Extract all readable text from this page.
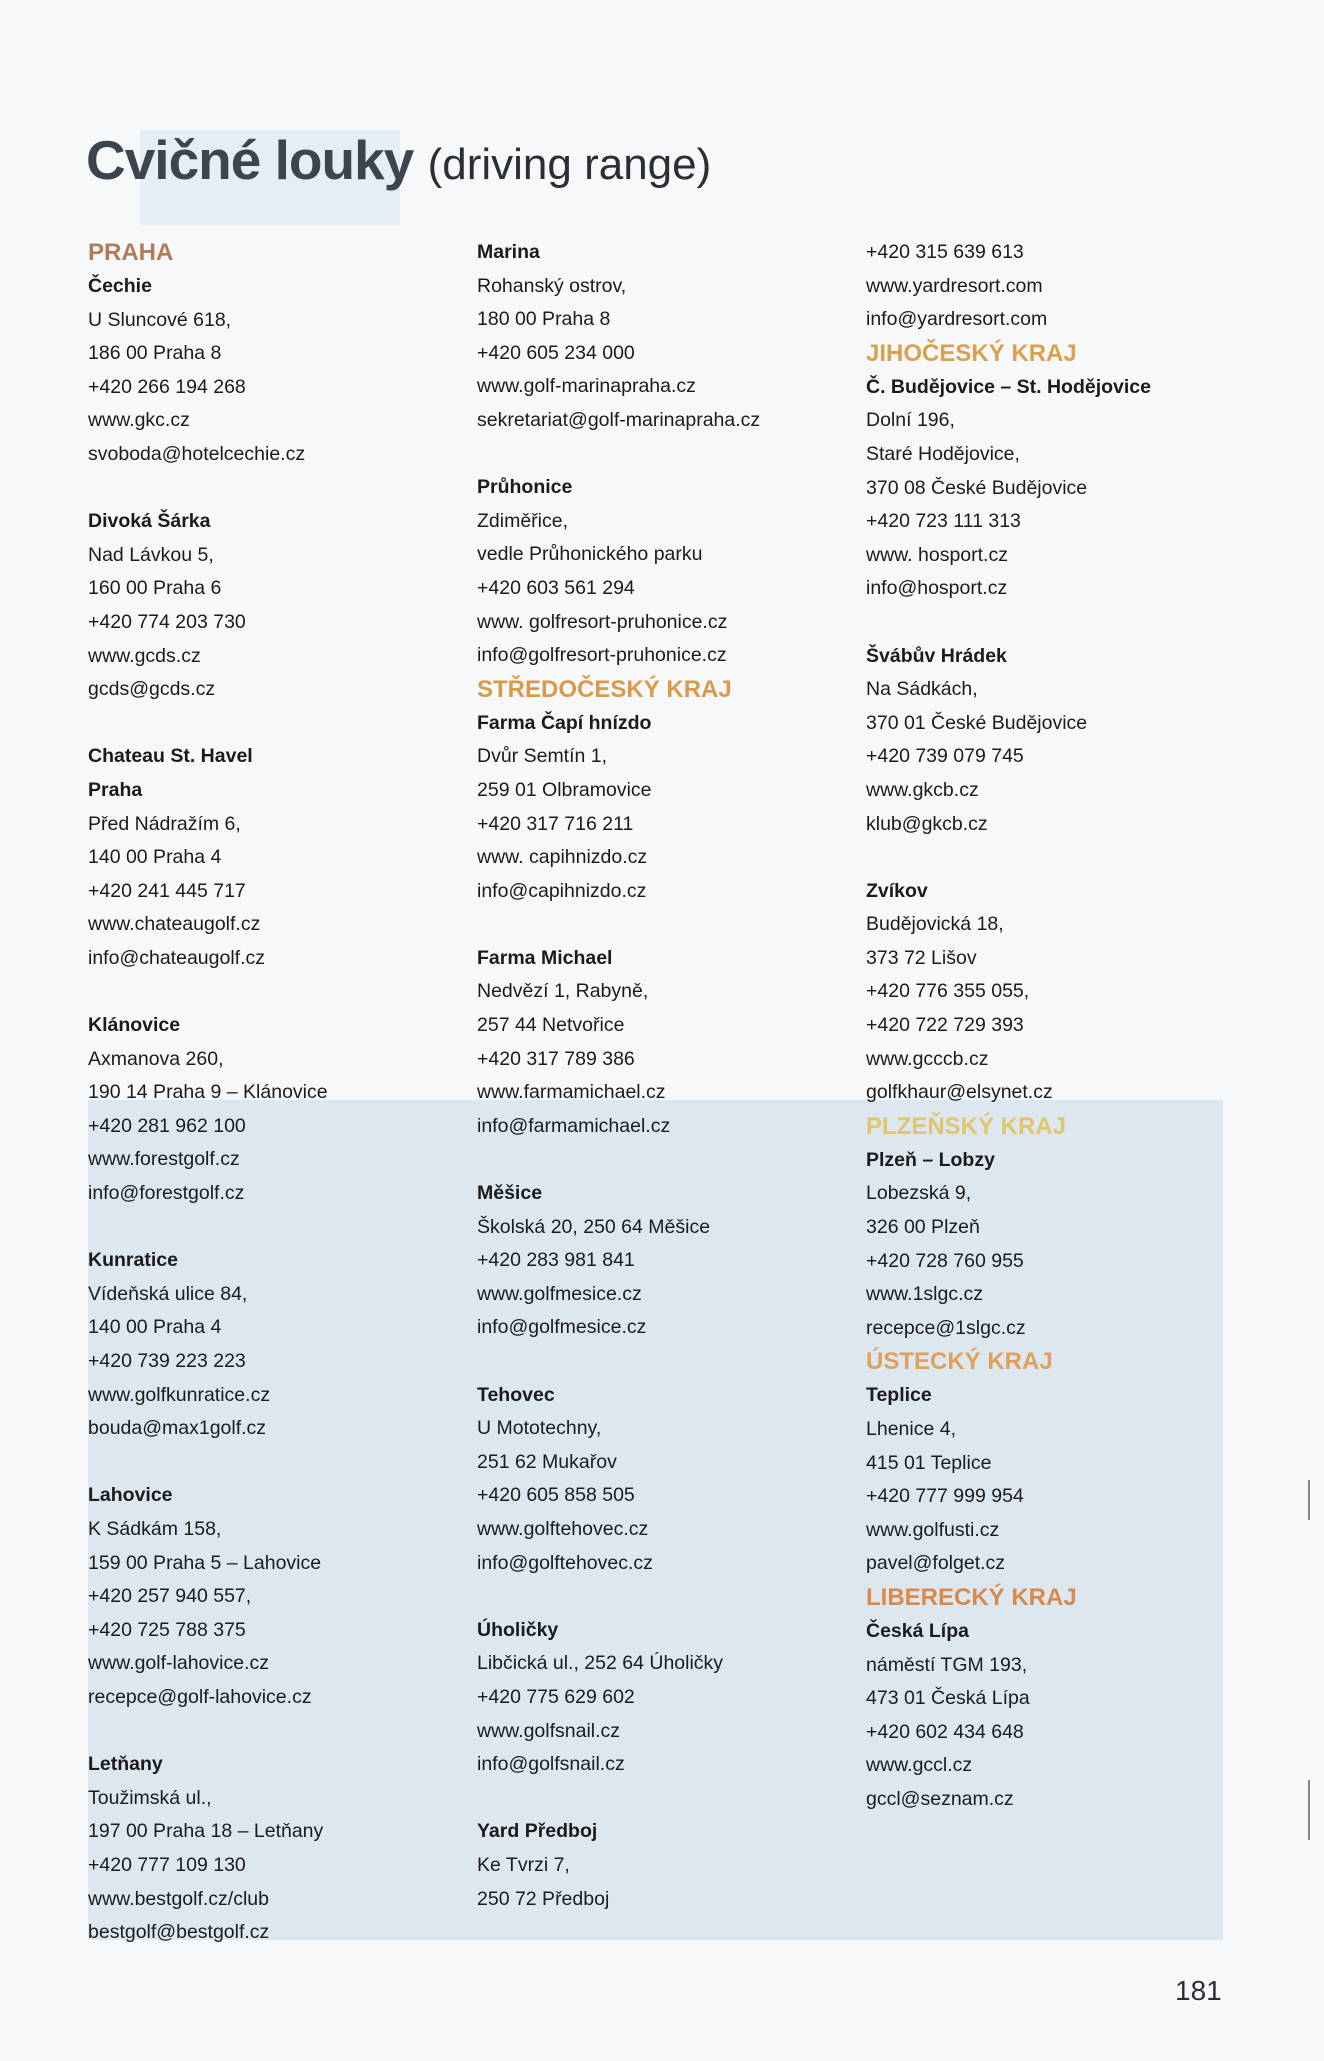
Cvičné louky (driving range)
PRAHA
Čechie
U Sluncové 618,
186 00 Praha 8
+420 266 194 268
www.gkc.cz
svoboda@hotelcechie.cz
Divoká Šárka
Nad Lávkou 5,
160 00 Praha 6
+420 774 203 730
www.gcds.cz
gcds@gcds.cz
Chateau St. Havel
Praha
Před Nádražím 6,
140 00 Praha 4
+420 241 445 717
www.chateaugolf.cz
info@chateaugolf.cz
Klánovice
Axmanova 260,
190 14 Praha 9 – Klánovice
+420 281 962 100
www.forestgolf.cz
info@forestgolf.cz
Kunratice
Vídeňská ulice 84,
140 00 Praha 4
+420 739 223 223
www.golfkunratice.cz
bouda@max1golf.cz
Lahovice
K Sádkám 158,
159 00 Praha 5 – Lahovice
+420 257 940 557,
+420 725 788 375
www.golf-lahovice.cz
recepce@golf-lahovice.cz
Letňany
Toužimská ul.,
197 00 Praha 18 – Letňany
+420 777 109 130
www.bestgolf.cz/club
bestgolf@bestgolf.cz
Marina
Rohanský ostrov,
180 00 Praha 8
+420 605 234 000
www.golf-marinapraha.cz
sekretariat@golf-marinapraha.cz
Průhonice
Zdiměřice,
vedle Průhonického parku
+420 603 561 294
www. golfresort-pruhonice.cz
info@golfresort-pruhonice.cz
STŘEDOČESKÝ KRAJ
Farma Čapí hnízdo
Dvůr Semtín 1,
259 01 Olbramovice
+420 317 716 211
www. capihnizdo.cz
info@capihnizdo.cz
Farma Michael
Nedvězí 1, Rabyně,
257 44 Netvořice
+420 317 789 386
www.farmamichael.cz
info@farmamichael.cz
Měšice
Školská 20, 250 64 Měšice
+420 283 981 841
www.golfmesice.cz
info@golfmesice.cz
Tehovec
U Mototechny,
251 62 Mukařov
+420 605 858 505
www.golftehovec.cz
info@golftehovec.cz
Úholičky
Libčická ul., 252 64 Úholičky
+420 775 629 602
www.golfsnail.cz
info@golfsnail.cz
Yard Předboj
Ke Tvrzi 7,
250 72 Předboj
+420 315 639 613
www.yardresort.com
info@yardresort.com
JIHOČESKÝ KRAJ
Č. Budějovice – St. Hodějovice
Dolní 196,
Staré Hodějovice,
370 08 České Budějovice
+420 723 111 313
www. hosport.cz
info@hosport.cz
Švábův Hrádek
Na Sádkách,
370 01 České Budějovice
+420 739 079 745
www.gkcb.cz
klub@gkcb.cz
Zvíkov
Budějovická 18,
373 72 Lišov
+420 776 355 055,
+420 722 729 393
www.gcccb.cz
golfkhaur@elsynet.cz
PLZEŇSKÝ KRAJ
Plzeň – Lobzy
Lobezská 9,
326 00 Plzeň
+420 728 760 955
www.1slgc.cz
recepce@1slgc.cz
ÚSTECKÝ KRAJ
Teplice
Lhenice 4,
415 01 Teplice
+420 777 999 954
www.golfusti.cz
pavel@folget.cz
LIBERECKÝ KRAJ
Česká Lípa
náměstí TGM 193,
473 01 Česká Lípa
+420 602 434 648
www.gccl.cz
gccl@seznam.cz
181
